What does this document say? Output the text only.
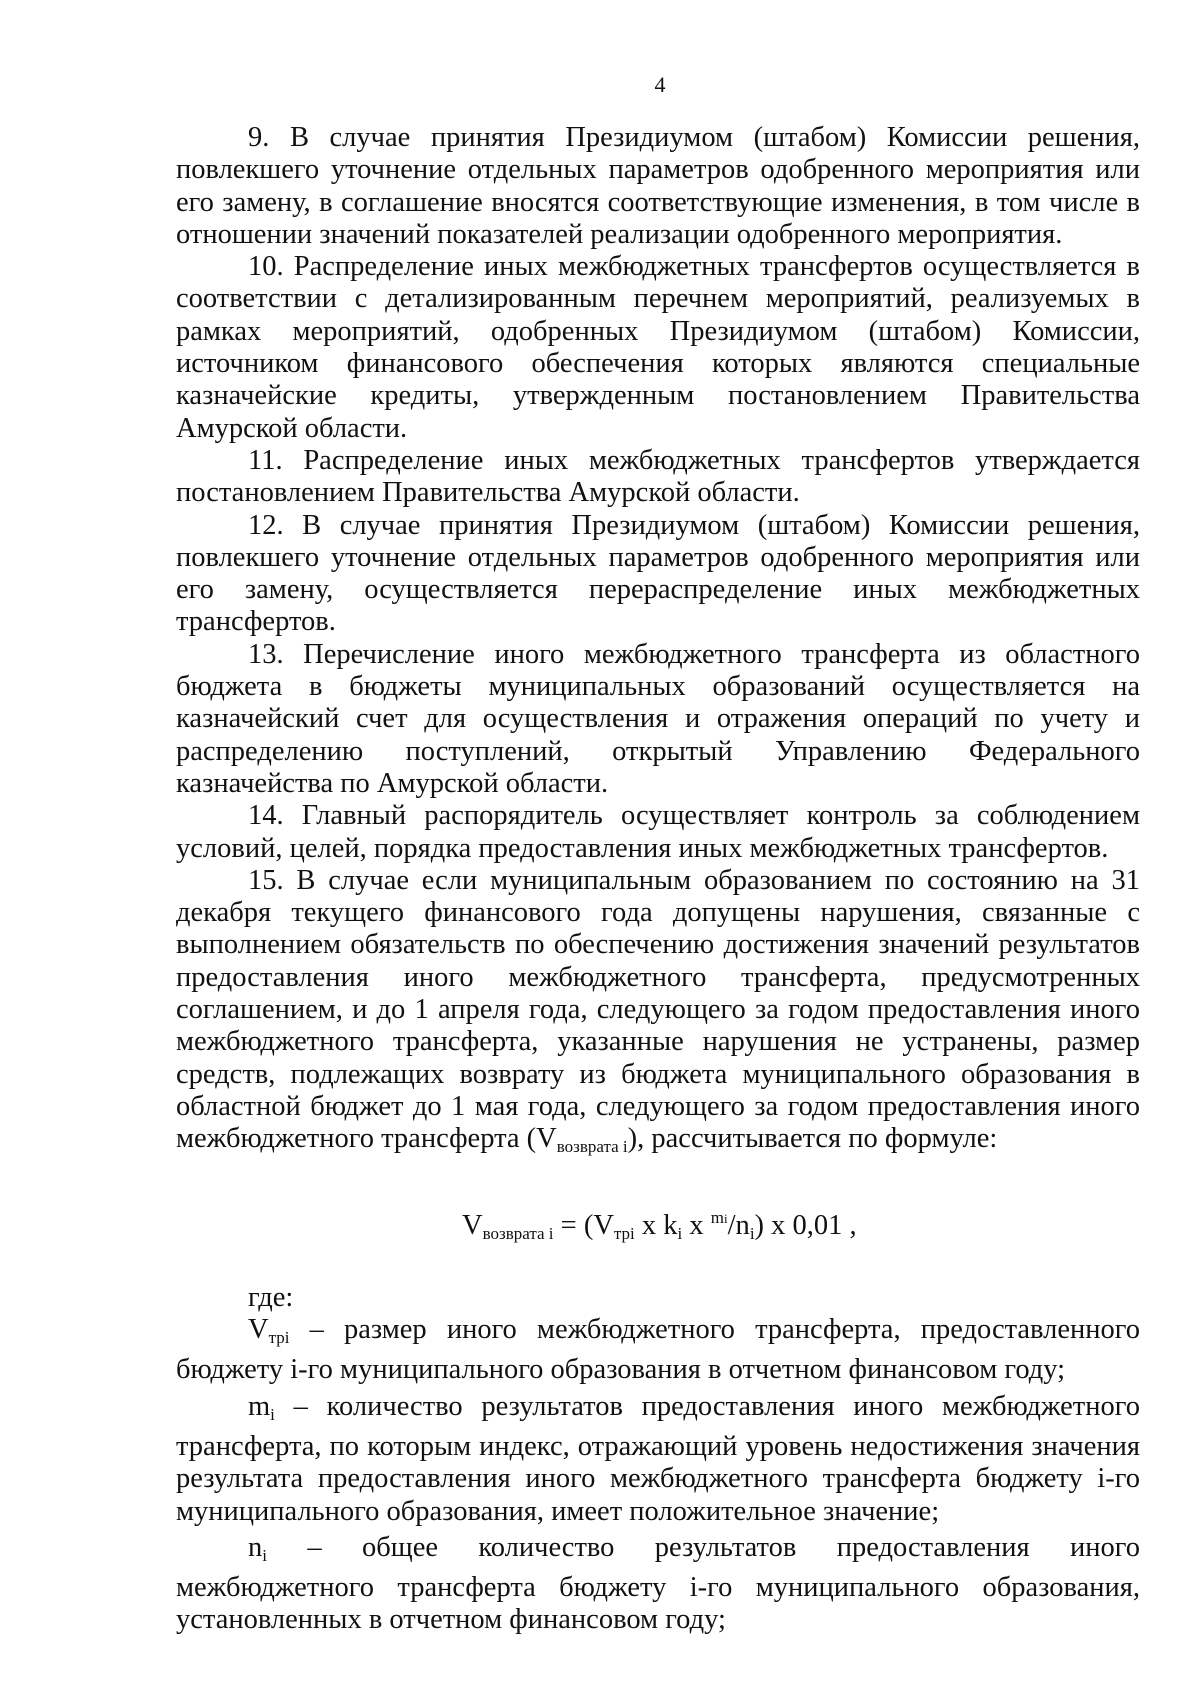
4

9. В случае принятия Президиумом (штабом) Комиссии решения, повлекшего уточнение отдельных параметров одобренного мероприятия или его замену, в соглашение вносятся соответствующие изменения, в том числе в отношении значений показателей реализации одобренного мероприятия.

10. Распределение иных межбюджетных трансфертов осуществляется в соответствии с детализированным перечнем мероприятий, реализуемых в рамках мероприятий, одобренных Президиумом (штабом) Комиссии, источником финансового обеспечения которых являются специальные казначейские кредиты, утвержденным постановлением Правительства Амурской области.

11. Распределение иных межбюджетных трансфертов утверждается постановлением Правительства Амурской области.

12. В случае принятия Президиумом (штабом) Комиссии решения, повлекшего уточнение отдельных параметров одобренного мероприятия или его замену, осуществляется перераспределение иных межбюджетных трансфертов.

13. Перечисление иного межбюджетного трансферта из областного бюджета в бюджеты муниципальных образований осуществляется на казначейский счет для осуществления и отражения операций по учету и распределению поступлений, открытый Управлению Федерального казначейства по Амурской области.

14. Главный распорядитель осуществляет контроль за соблюдением условий, целей, порядка предоставления иных межбюджетных трансфертов.

15. В случае если муниципальным образованием по состоянию на 31 декабря текущего финансового года допущены нарушения, связанные с выполнением обязательств по обеспечению достижения значений результатов предоставления иного межбюджетного трансферта, предусмотренных соглашением, и до 1 апреля года, следующего за годом предоставления иного межбюджетного трансферта, указанные нарушения не устранены, размер средств, подлежащих возврату из бюджета муниципального образования в областной бюджет до 1 мая года, следующего за годом предоставления иного межбюджетного трансферта $(V_{возврата i})$, рассчитывается по формуле:

$V_{возврата i} = (V_{трi}$ x $k_i$ x $^{mi}/n_i$) x 0,01 ,

где:

$V_{трi}$ – размер иного межбюджетного трансферта, предоставленного бюджету i-го муниципального образования в отчетном финансовом году;

$m_i$ – количество результатов предоставления иного межбюджетного трансферта, по которым индекс, отражающий уровень недостижения значения результата предоставления иного межбюджетного трансферта бюджету i-го муниципального образования, имеет положительное значение;

$n_i$ – общее количество результатов предоставления иного межбюджетного трансферта бюджету i-го муниципального образования, установленных в отчетном финансовом году;
